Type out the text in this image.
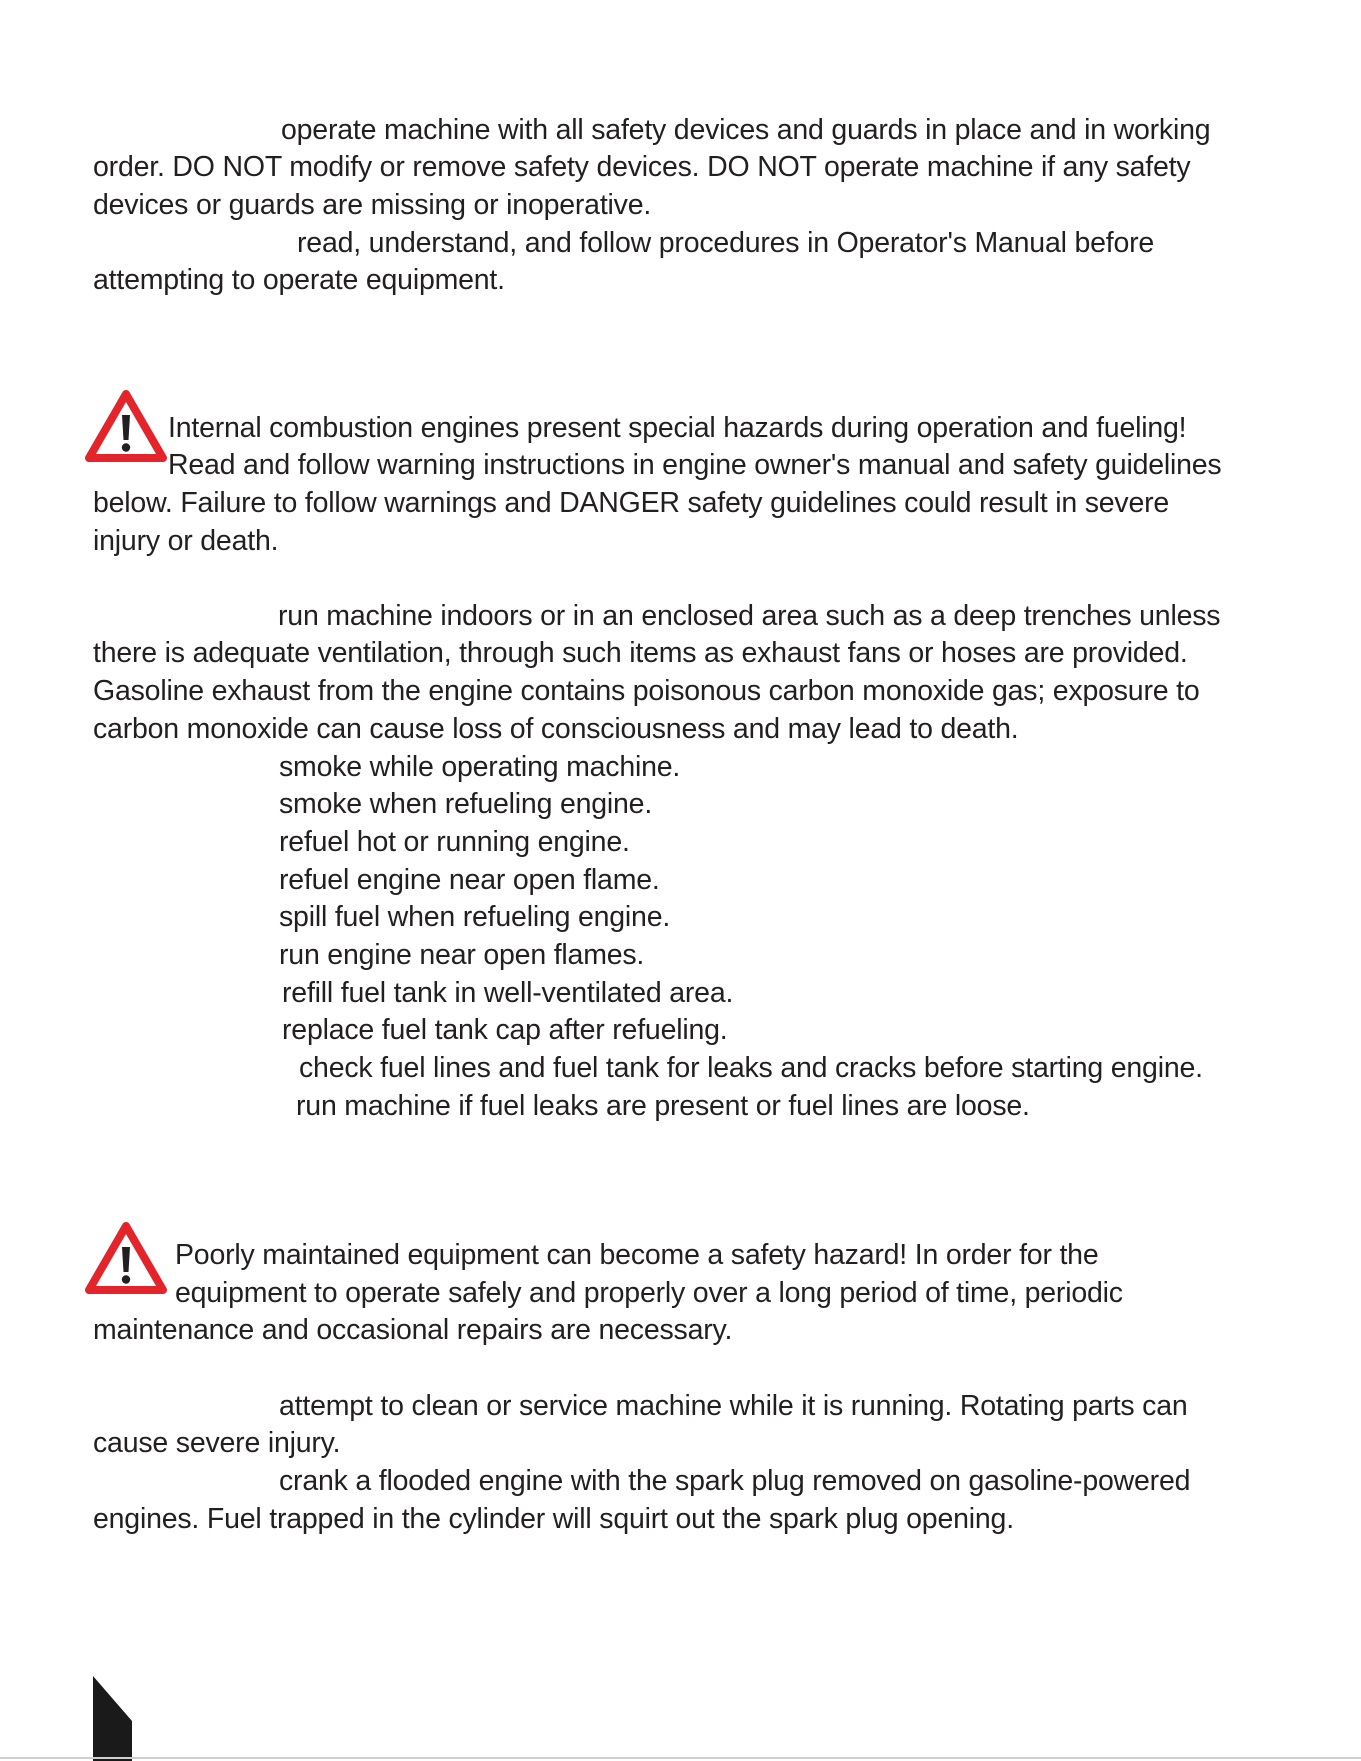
operate machine with all safety devices and guards in place and in working
order. DO NOT modify or remove safety devices. DO NOT operate machine if any safety
devices or guards are missing or inoperative.
read, understand, and follow procedures in Operator's Manual before
attempting to operate equipment.
Internal combustion engines present special hazards during operation and fueling!
Read and follow warning instructions in engine owner's manual and safety guidelines
below. Failure to follow warnings and DANGER safety guidelines could result in severe
injury or death.
run machine indoors or in an enclosed area such as a deep trenches unless
there is adequate ventilation, through such items as exhaust fans or hoses are provided.
Gasoline exhaust from the engine contains poisonous carbon monoxide gas; exposure to
carbon monoxide can cause loss of consciousness and may lead to death.
smoke while operating machine.
smoke when refueling engine.
refuel hot or running engine.
refuel engine near open flame.
spill fuel when refueling engine.
run engine near open flames.
refill fuel tank in well-ventilated area.
replace fuel tank cap after refueling.
check fuel lines and fuel tank for leaks and cracks before starting engine.
run machine if fuel leaks are present or fuel lines are loose.
Poorly maintained equipment can become a safety hazard! In order for the
equipment to operate safely and properly over a long period of time, periodic
maintenance and occasional repairs are necessary.
attempt to clean or service machine while it is running. Rotating parts can
cause severe injury.
crank a flooded engine with the spark plug removed on gasoline-powered
engines. Fuel trapped in the cylinder will squirt out the spark plug opening.
